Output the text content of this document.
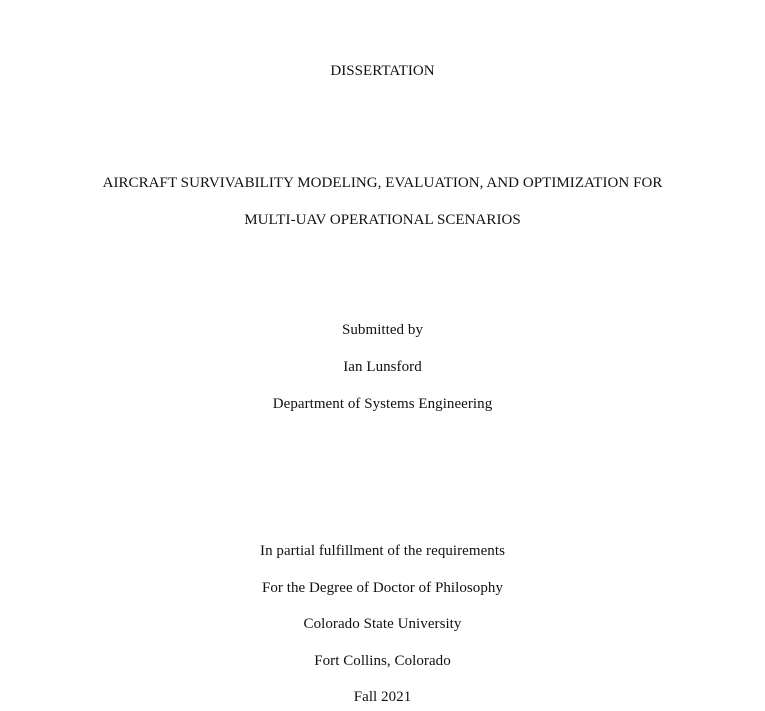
DISSERTATION
AIRCRAFT SURVIVABILITY MODELING, EVALUATION, AND OPTIMIZATION FOR
MULTI-UAV OPERATIONAL SCENARIOS
Submitted by
Ian Lunsford
Department of Systems Engineering
In partial fulfillment of the requirements
For the Degree of Doctor of Philosophy
Colorado State University
Fort Collins, Colorado
Fall 2021
